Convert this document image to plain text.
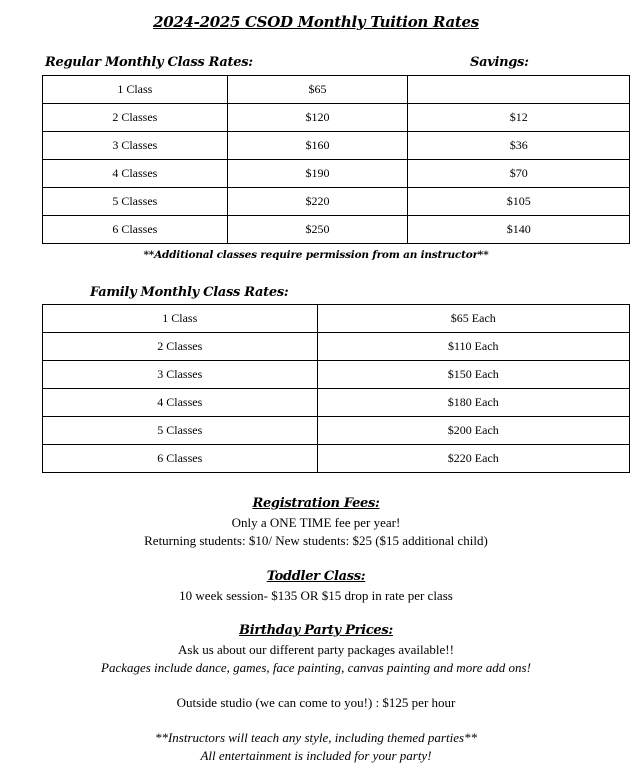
2024-2025 CSOD Monthly Tuition Rates
Regular Monthly Class Rates:	Savings:
1 Class	$65	
2 Classes	$120	$12
3 Classes	$160	$36
4 Classes	$190	$70
5 Classes	$220	$105
6 Classes	$250	$140
**Additional classes require permission from an instructor**
Family Monthly Class Rates:
1 Class	$65 Each
2 Classes	$110 Each
3 Classes	$150 Each
4 Classes	$180 Each
5 Classes	$200 Each
6 Classes	$220 Each
Registration Fees:
Only a ONE TIME fee per year!
Returning students: $10/ New students: $25 ($15 additional child)
Toddler Class:
10 week session- $135 OR $15 drop in rate per class
Birthday Party Prices:
Ask us about our different party packages available!!
Packages include dance, games, face painting, canvas painting and more add ons!
Outside studio (we can come to you!) : $125 per hour
**Instructors will teach any style, including themed parties**
All entertainment is included for your party!
